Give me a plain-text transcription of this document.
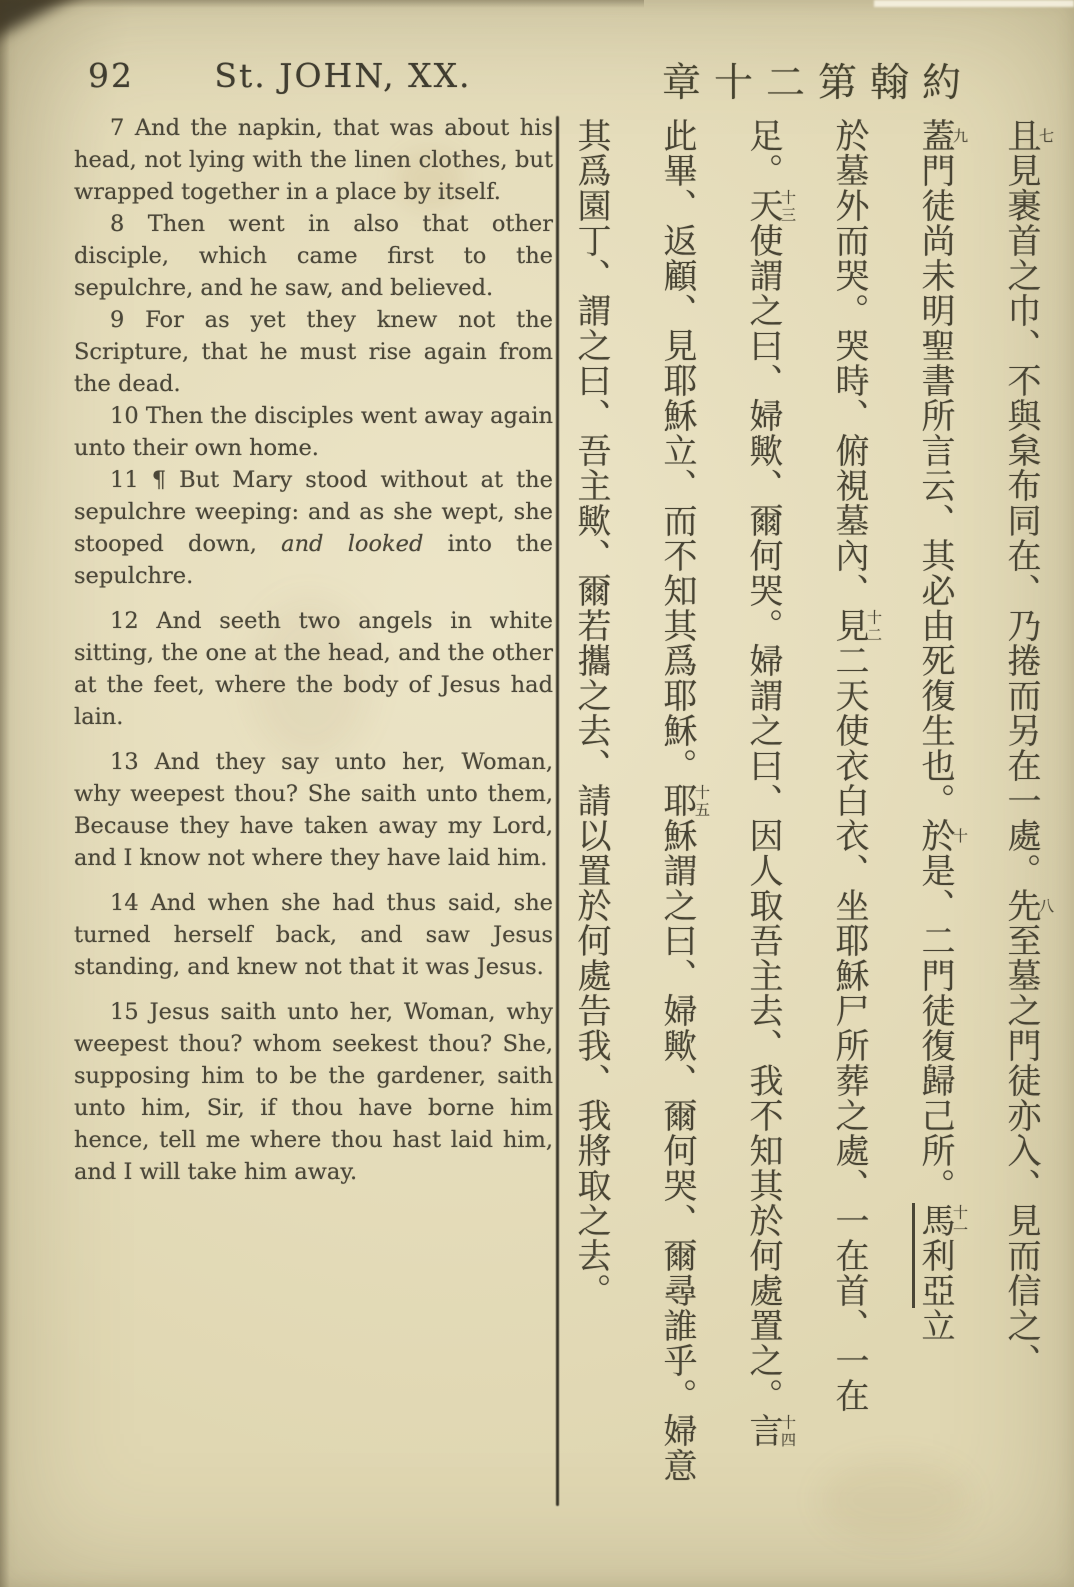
92	St. JOHN, XX.	章十二第翰約

7 And the napkin, that was about his head, not lying with the linen clothes, but wrapped together in a place by itself.

8 Then went in also that other disciple, which came first to the sepulchre, and he saw, and believed.

9 For as yet they knew not the Scripture, that he must rise again from the dead.

10 Then the disciples went away again unto their own home.

11 ¶ But Mary stood without at the sepulchre weeping: and as she wept, she stooped down, and looked into the sepulchre.

12 And seeth two angels in white sitting, the one at the head, and the other at the feet, where the body of Jesus had lain.

13 And they say unto her, Woman, why weepest thou? She saith unto them, Because they have taken away my Lord, and I know not where they have laid him.

14 And when she had thus said, she turned herself back, and saw Jesus standing, and knew not that it was Jesus.

15 Jesus saith unto her, Woman, why weepest thou? whom seekest thou? She, supposing him to be the gardener, saith unto him, Sir, if thou have borne him hence, tell me where thou hast laid him, and I will take him away.

且七見裹首之巾、不與枲布同在、乃捲而另在一處。先八至墓之門徒亦入、見而信之、
蓋九門徒尚未明聖書所言云、其必由死復生也。於十是、二門徒復歸己所。馬十一利亞立
於墓外而哭。哭時、俯視墓內、見十二二天使衣白衣、坐耶穌尸所葬之處、一在首、一在
足。天十三使謂之曰、婦歟、爾何哭。婦謂之曰、因人取吾主去、我不知其於何處置之。言十四
此畢、返顧、見耶穌立、而不知其爲耶穌。耶十五穌謂之曰、婦歟、爾何哭、爾尋誰乎。婦意
其爲園丁、謂之曰、吾主歟、爾若攜之去、請以置於何處告我、我將取之去。
